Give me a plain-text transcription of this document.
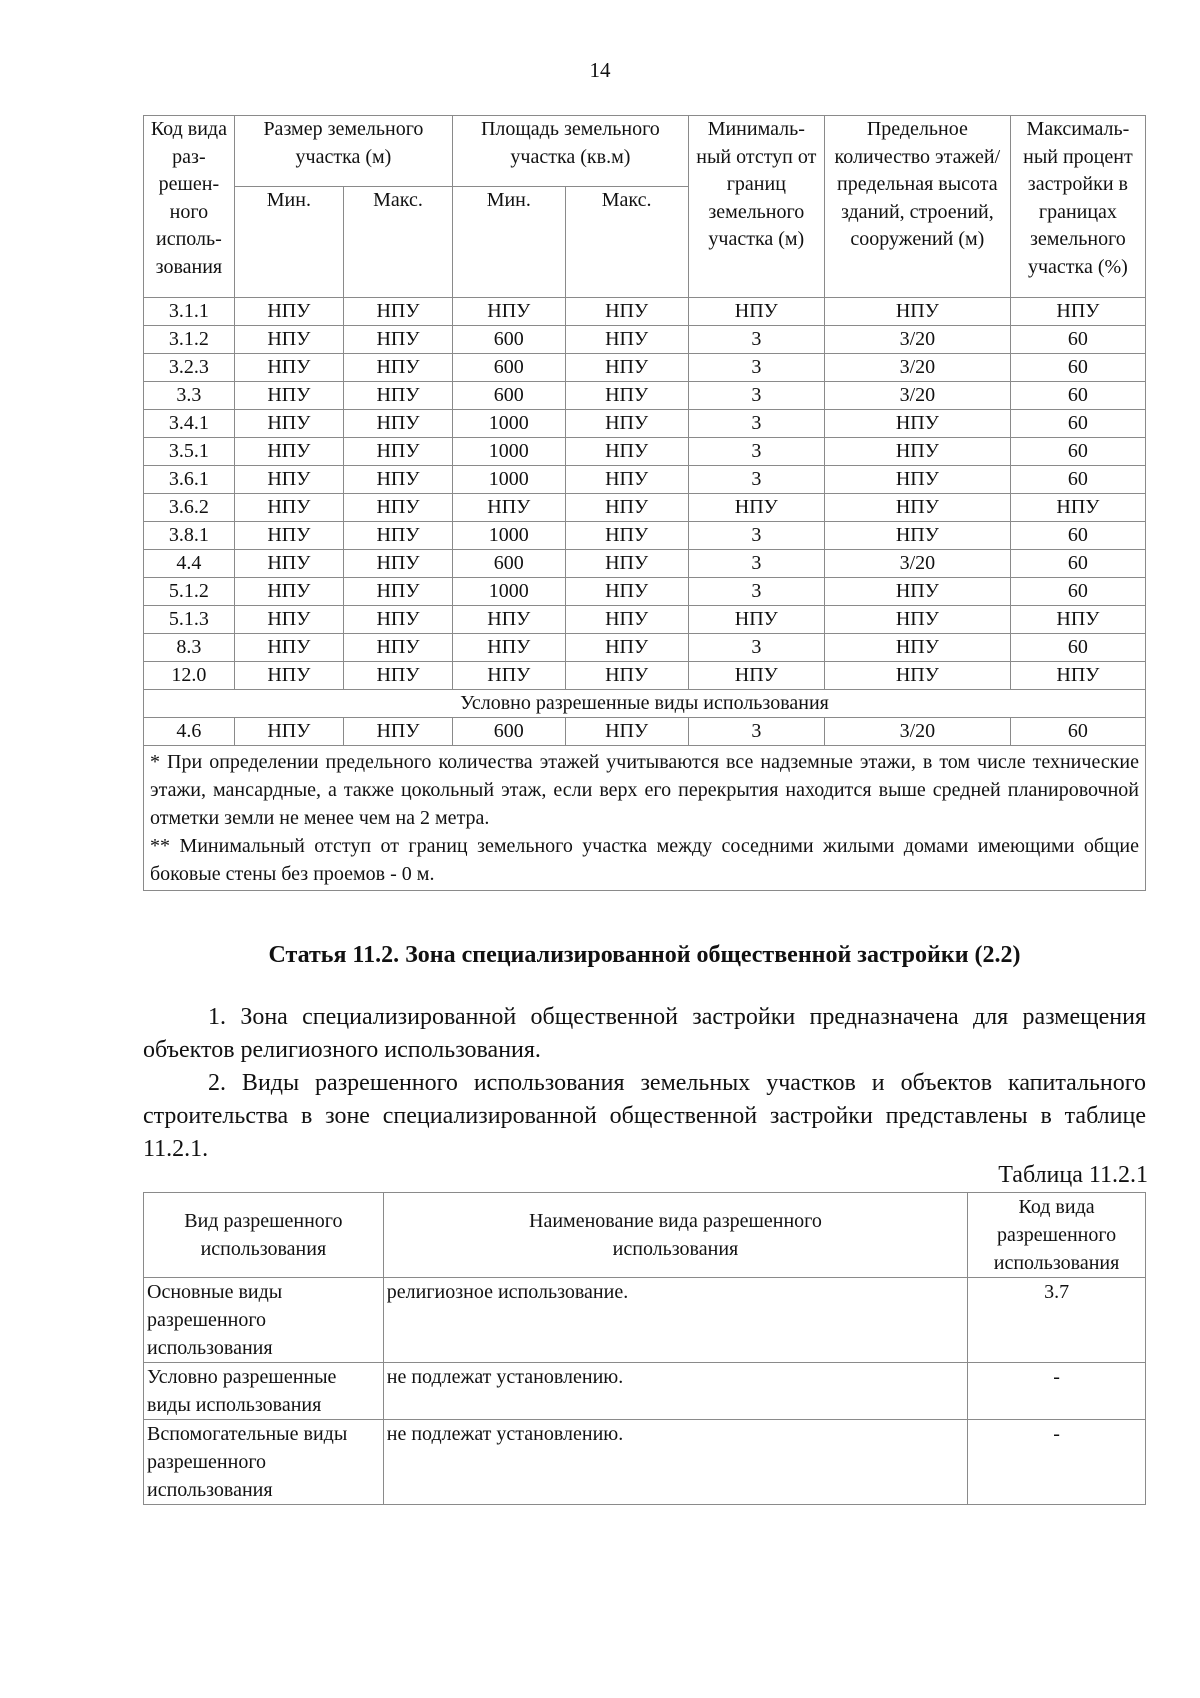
14
Код вида раз- решен- ного исполь- зования	Размер земельного участка (м)		Площадь земельного участка (кв.м)		Минималь- ный отступ от границ земельного участка (м)	Предельное количество этажей/ предельная высота зданий, строений, сооружений (м)	Максималь- ный процент застройки в границах земельного участка (%)
	Мин.	Макс.	Мин.	Макс.			
3.1.1	НПУ	НПУ	НПУ	НПУ	НПУ	НПУ	НПУ
3.1.2	НПУ	НПУ	600	НПУ	3	3/20	60
3.2.3	НПУ	НПУ	600	НПУ	3	3/20	60
3.3	НПУ	НПУ	600	НПУ	3	3/20	60
3.4.1	НПУ	НПУ	1000	НПУ	3	НПУ	60
3.5.1	НПУ	НПУ	1000	НПУ	3	НПУ	60
3.6.1	НПУ	НПУ	1000	НПУ	3	НПУ	60
3.6.2	НПУ	НПУ	НПУ	НПУ	НПУ	НПУ	НПУ
3.8.1	НПУ	НПУ	1000	НПУ	3	НПУ	60
4.4	НПУ	НПУ	600	НПУ	3	3/20	60
5.1.2	НПУ	НПУ	1000	НПУ	3	НПУ	60
5.1.3	НПУ	НПУ	НПУ	НПУ	НПУ	НПУ	НПУ
8.3	НПУ	НПУ	НПУ	НПУ	3	НПУ	60
12.0	НПУ	НПУ	НПУ	НПУ	НПУ	НПУ	НПУ
Условно разрешенные виды использования							
4.6	НПУ	НПУ	600	НПУ	3	3/20	60

* При определении предельного количества этажей учитываются все надземные этажи, в том числе технические этажи, мансардные, а также цокольный этаж, если верх его перекрытия находится выше средней планировочной отметки земли не менее чем на 2 метра.
** Минимальный отступ от границ земельного участка между соседними жилыми домами имеющими общие боковые стены без проемов - 0 м.							
Статья 11.2. Зона специализированной общественной застройки (2.2)
1. Зона специализированной общественной застройки предназначена для размещения объектов религиозного использования.
2. Виды разрешенного использования земельных участков и объектов капитального строительства в зоне специализированной общественной застройки представлены в таблице 11.2.1.
Таблица 11.2.1
Вид разрешенного использования	Наименование вида разрешенного использования	Код вида разрешенного использования
Основные виды разрешенного использования	религиозное использование.	3.7
Условно разрешенные виды использования	не подлежат установлению.	-
Вспомогательные виды разрешенного использования	не подлежат установлению.	-
